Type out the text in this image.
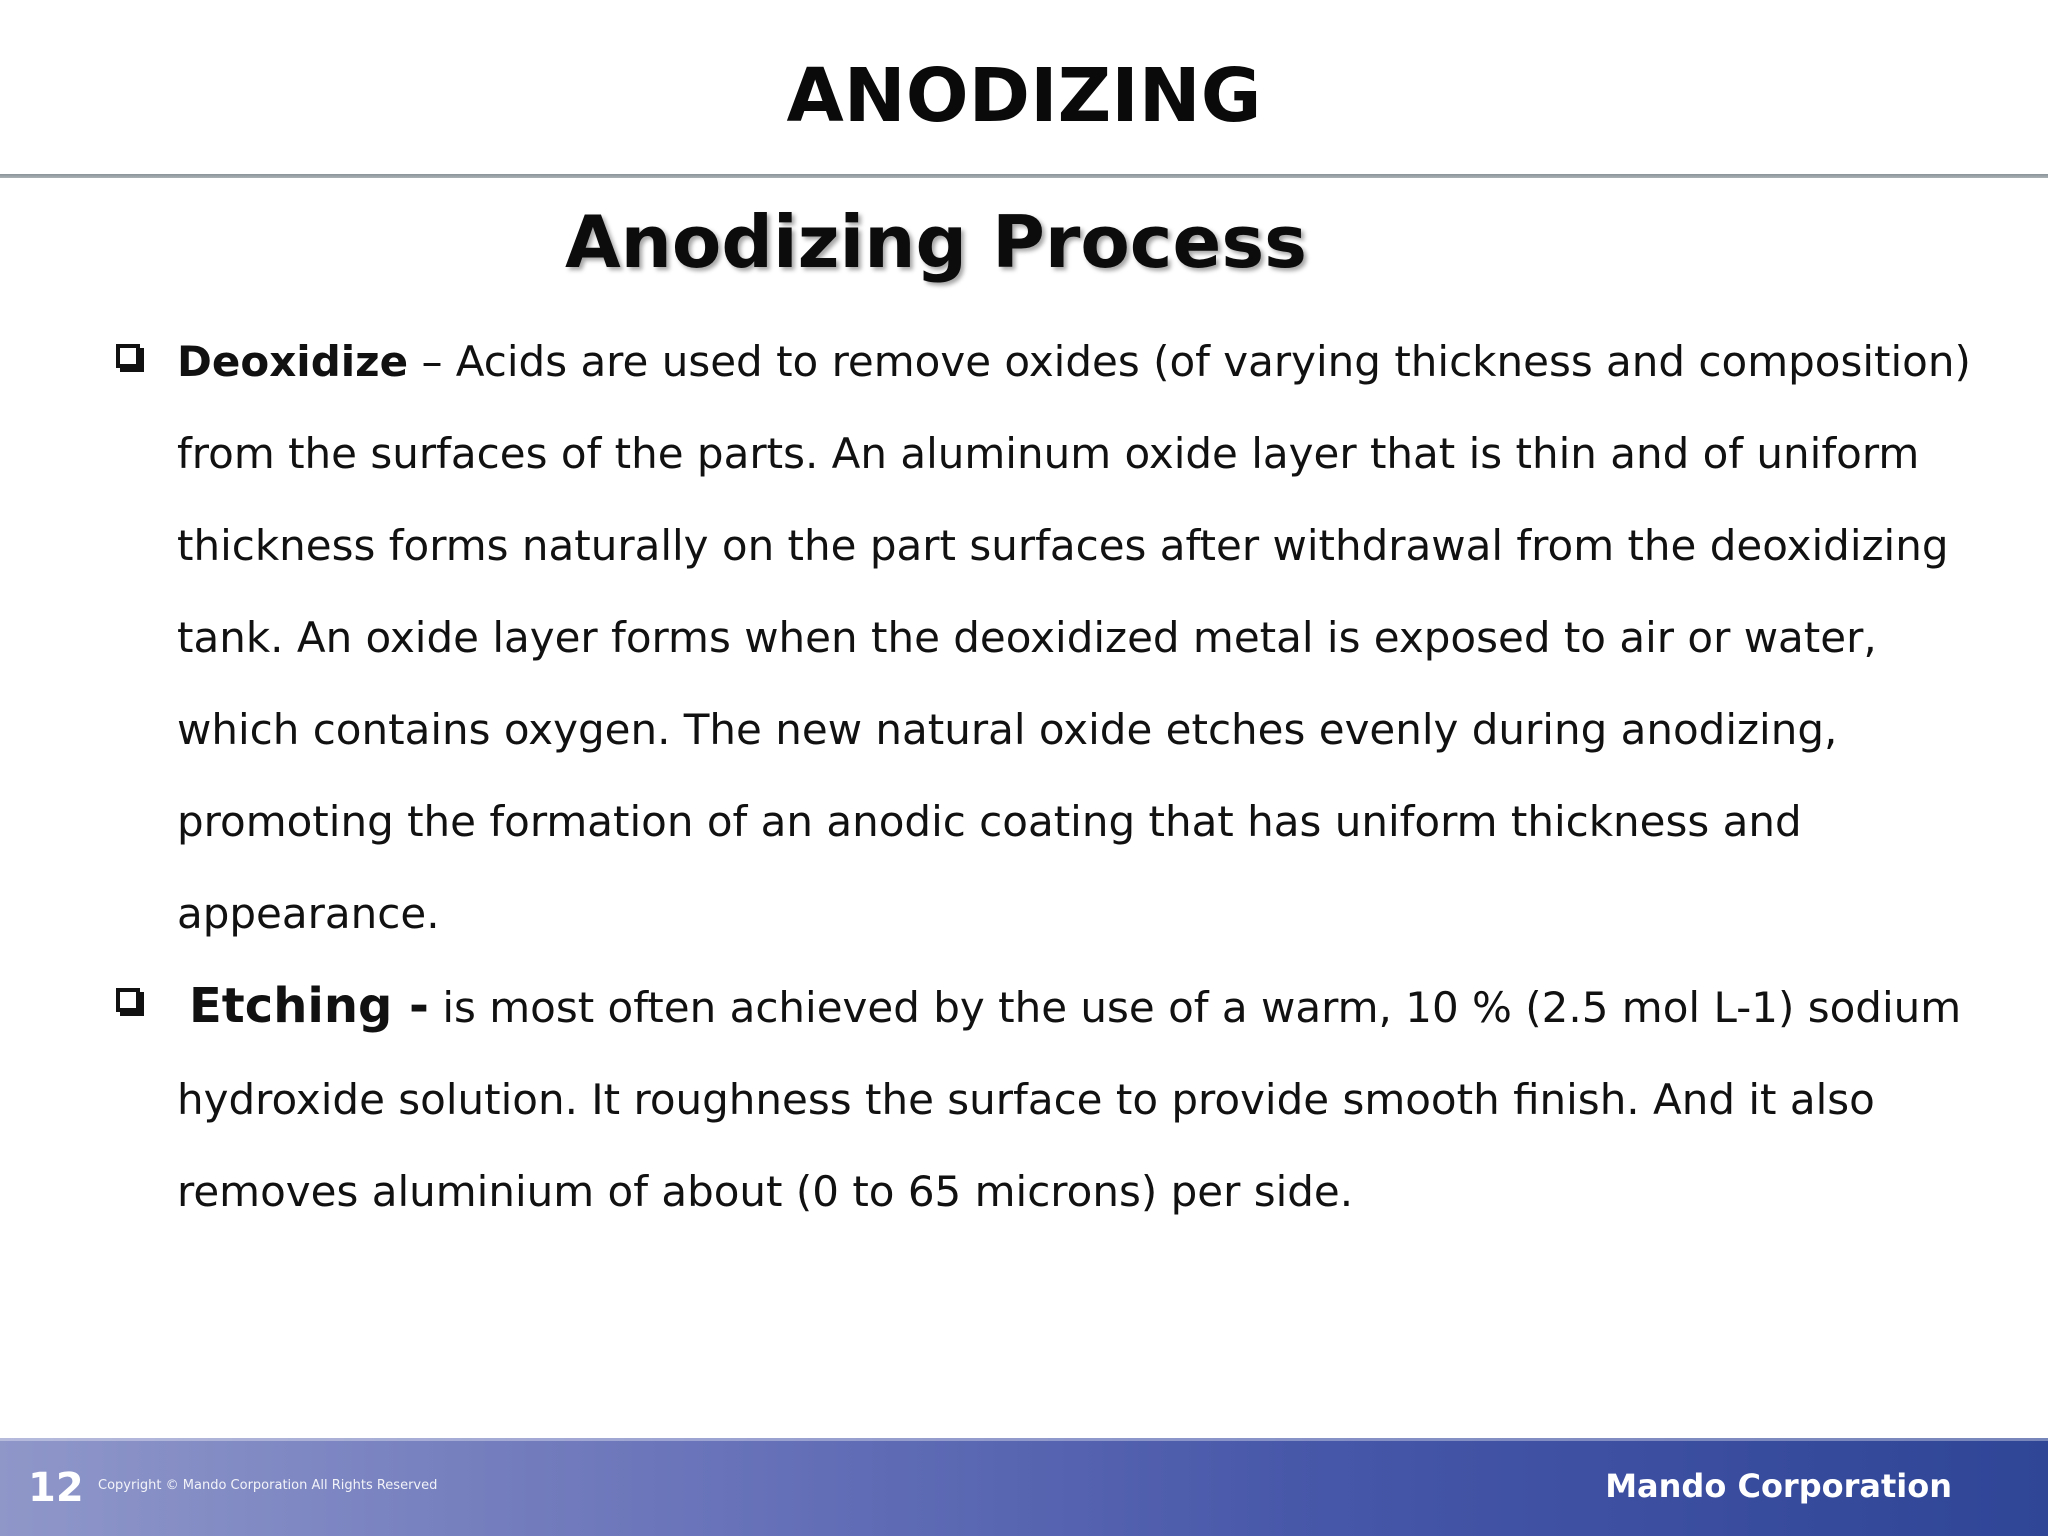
ANODIZING
Anodizing Process
Deoxidize – Acids are used to remove oxides (of varying thickness and composition)
from the surfaces of the parts. An aluminum oxide layer that is thin and of uniform
thickness forms naturally on the part surfaces after withdrawal from the deoxidizing
tank. An oxide layer forms when the deoxidized metal is exposed to air or water,
which contains oxygen. The new natural oxide etches evenly during anodizing,
promoting the formation of an anodic coating that has uniform thickness and
appearance.
Etching - is most often achieved by the use of a warm, 10 % (2.5 mol L-1) sodium
hydroxide solution. It roughness the surface to provide smooth finish. And it also
removes aluminium of about (0 to 65 microns) per side.
12 Copyright © Mando Corporation All Rights Reserved	Mando Corporation
